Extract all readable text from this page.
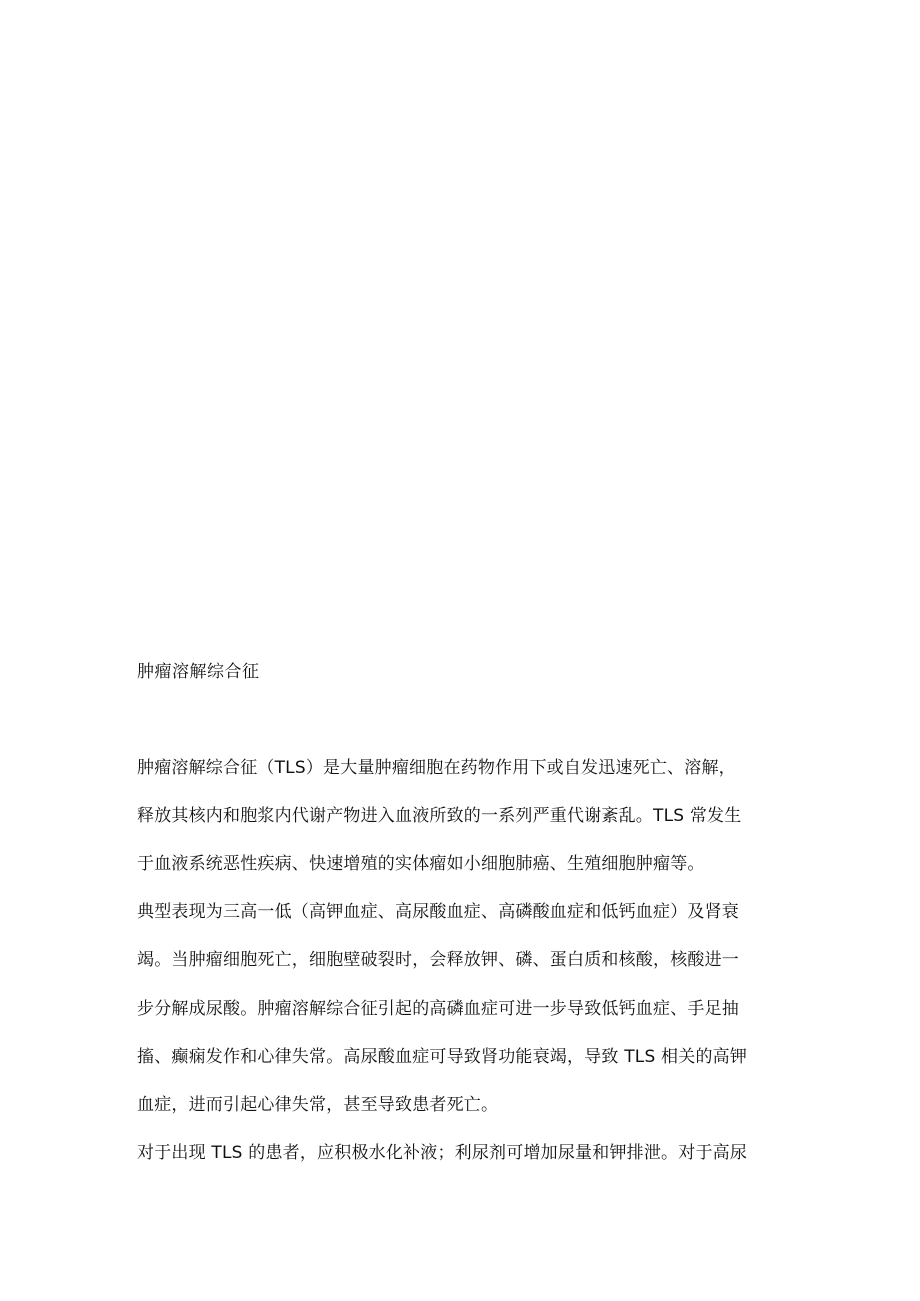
肿瘤溶解综合征
肿瘤溶解综合征（TLS）是大量肿瘤细胞在药物作用下或自发迅速死亡、溶解，
释放其核内和胞浆内代谢产物进入血液所致的一系列严重代谢紊乱。TLS 常发生
于血液系统恶性疾病、快速增殖的实体瘤如小细胞肺癌、生殖细胞肿瘤等。
典型表现为三高一低（高钾血症、高尿酸血症、高磷酸血症和低钙血症）及肾衰
竭。当肿瘤细胞死亡，细胞壁破裂时，会释放钾、磷、蛋白质和核酸，核酸进一
步分解成尿酸。肿瘤溶解综合征引起的高磷血症可进一步导致低钙血症、手足抽
搐、癫痫发作和心律失常。高尿酸血症可导致肾功能衰竭，导致 TLS 相关的高钾
血症，进而引起心律失常，甚至导致患者死亡。
对于出现 TLS 的患者，应积极水化补液；利尿剂可增加尿量和钾排泄。对于高尿
